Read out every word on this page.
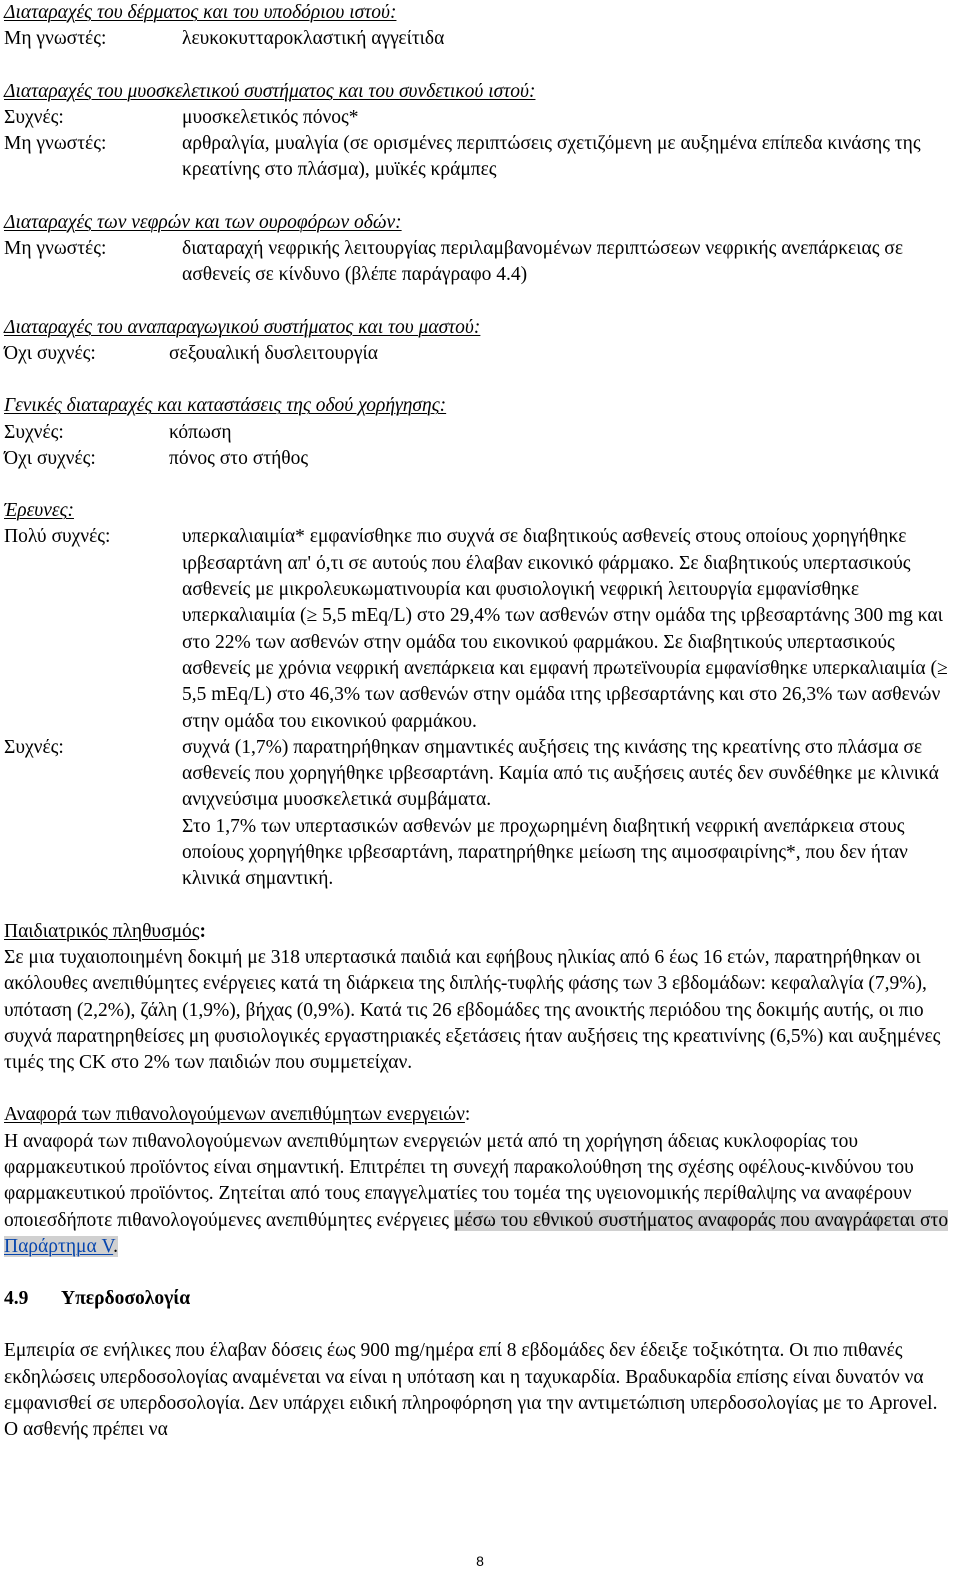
Διαταραχές του δέρματος και του υποδόριου ιστού:
Μη γνωστές:	λευκοκυτταροκλαστική αγγείτιδα
Διαταραχές του μυοσκελετικού συστήματος και του συνδετικού ιστού:
Συχνές:	μυοσκελετικός πόνος*
Μη γνωστές:	αρθραλγία, μυαλγία (σε ορισμένες περιπτώσεις σχετιζόμενη με αυξημένα επίπεδα κινάσης της κρεατίνης στο πλάσμα), μυϊκές κράμπες
Διαταραχές των νεφρών και των ουροφόρων οδών:
Μη γνωστές:	διαταραχή νεφρικής λειτουργίας περιλαμβανομένων περιπτώσεων νεφρικής ανεπάρκειας σε ασθενείς σε κίνδυνο (βλέπε παράγραφο 4.4)
Διαταραχές του αναπαραγωγικού συστήματος και του μαστού:
Όχι συχνές:	σεξουαλική δυσλειτουργία
Γενικές διαταραχές και καταστάσεις της οδού χορήγησης:
Συχνές:	κόπωση
Όχι συχνές:	πόνος στο στήθος
Έρευνες:
Πολύ συχνές:	υπερκαλιαιμία* εμφανίσθηκε πιο συχνά σε διαβητικούς ασθενείς στους οποίους χορηγήθηκε ιρβεσαρτάνη απ' ό,τι σε αυτούς που έλαβαν εικονικό φάρμακο. Σε διαβητικούς υπερτασικούς ασθενείς με μικρολευκωματινουρία και φυσιολογική νεφρική λειτουργία εμφανίσθηκε υπερκαλιαιμία (≥ 5,5 mEq/L) στο 29,4% των ασθενών στην ομάδα της ιρβεσαρτάνης 300 mg και στο 22% των ασθενών στην ομάδα του εικονικού φαρμάκου. Σε διαβητικούς υπερτασικούς ασθενείς με χρόνια νεφρική ανεπάρκεια και εμφανή πρωτεϊνουρία εμφανίσθηκε υπερκαλιαιμία (≥ 5,5 mEq/L) στο 46,3% των ασθενών στην ομάδα ιτης ιρβεσαρτάνης και στο 26,3% των ασθενών στην ομάδα του εικονικού φαρμάκου.
Συχνές:	συχνά (1,7%) παρατηρήθηκαν σημαντικές αυξήσεις της κινάσης της κρεατίνης στο πλάσμα σε ασθενείς που χορηγήθηκε ιρβεσαρτάνη. Καμία από τις αυξήσεις αυτές δεν συνδέθηκε με κλινικά ανιχνεύσιμα μυοσκελετικά συμβάματα.
Στο 1,7% των υπερτασικών ασθενών με προχωρημένη διαβητική νεφρική ανεπάρκεια στους οποίους χορηγήθηκε ιρβεσαρτάνη, παρατηρήθηκε μείωση της αιμοσφαιρίνης*, που δεν ήταν κλινικά σημαντική.
Παιδιατρικός πληθυσμός:
Σε μια τυχαιοποιημένη δοκιμή με 318 υπερτασικά παιδιά και εφήβους ηλικίας από 6 έως 16 ετών, παρατηρήθηκαν οι ακόλουθες ανεπιθύμητες ενέργειες κατά τη διάρκεια της διπλής-τυφλής φάσης των 3 εβδομάδων: κεφαλαλγία (7,9%), υπόταση (2,2%), ζάλη (1,9%), βήχας (0,9%). Κατά τις 26 εβδομάδες της ανοικτής περιόδου της δοκιμής αυτής, οι πιο συχνά παρατηρηθείσες μη φυσιολογικές εργαστηριακές εξετάσεις ήταν αυξήσεις της κρεατινίνης (6,5%) και αυξημένες τιμές της CK στο 2% των παιδιών που συμμετείχαν.
Αναφορά των πιθανολογούμενων ανεπιθύμητων ενεργειών:
Η αναφορά των πιθανολογούμενων ανεπιθύμητων ενεργειών μετά από τη χορήγηση άδειας κυκλοφορίας του φαρμακευτικού προϊόντος είναι σημαντική. Επιτρέπει τη συνεχή παρακολούθηση της σχέσης οφέλους-κινδύνου του φαρμακευτικού προϊόντος. Ζητείται από τους επαγγελματίες του τομέα της υγειονομικής περίθαλψης να αναφέρουν οποιεσδήποτε πιθανολογούμενες ανεπιθύμητες ενέργειες μέσω του εθνικού συστήματος αναφοράς που αναγράφεται στο Παράρτημα V.
4.9 Υπερδοσολογία
Εμπειρία σε ενήλικες που έλαβαν δόσεις έως 900 mg/ημέρα επί 8 εβδομάδες δεν έδειξε τοξικότητα. Οι πιο πιθανές εκδηλώσεις υπερδοσολογίας αναμένεται να είναι η υπόταση και η ταχυκαρδία. Βραδυκαρδία επίσης είναι δυνατόν να εμφανισθεί σε υπερδοσολογία. Δεν υπάρχει ειδική πληροφόρηση για την αντιμετώπιση υπερδοσολογίας με το Aprovel. Ο ασθενής πρέπει να
8
